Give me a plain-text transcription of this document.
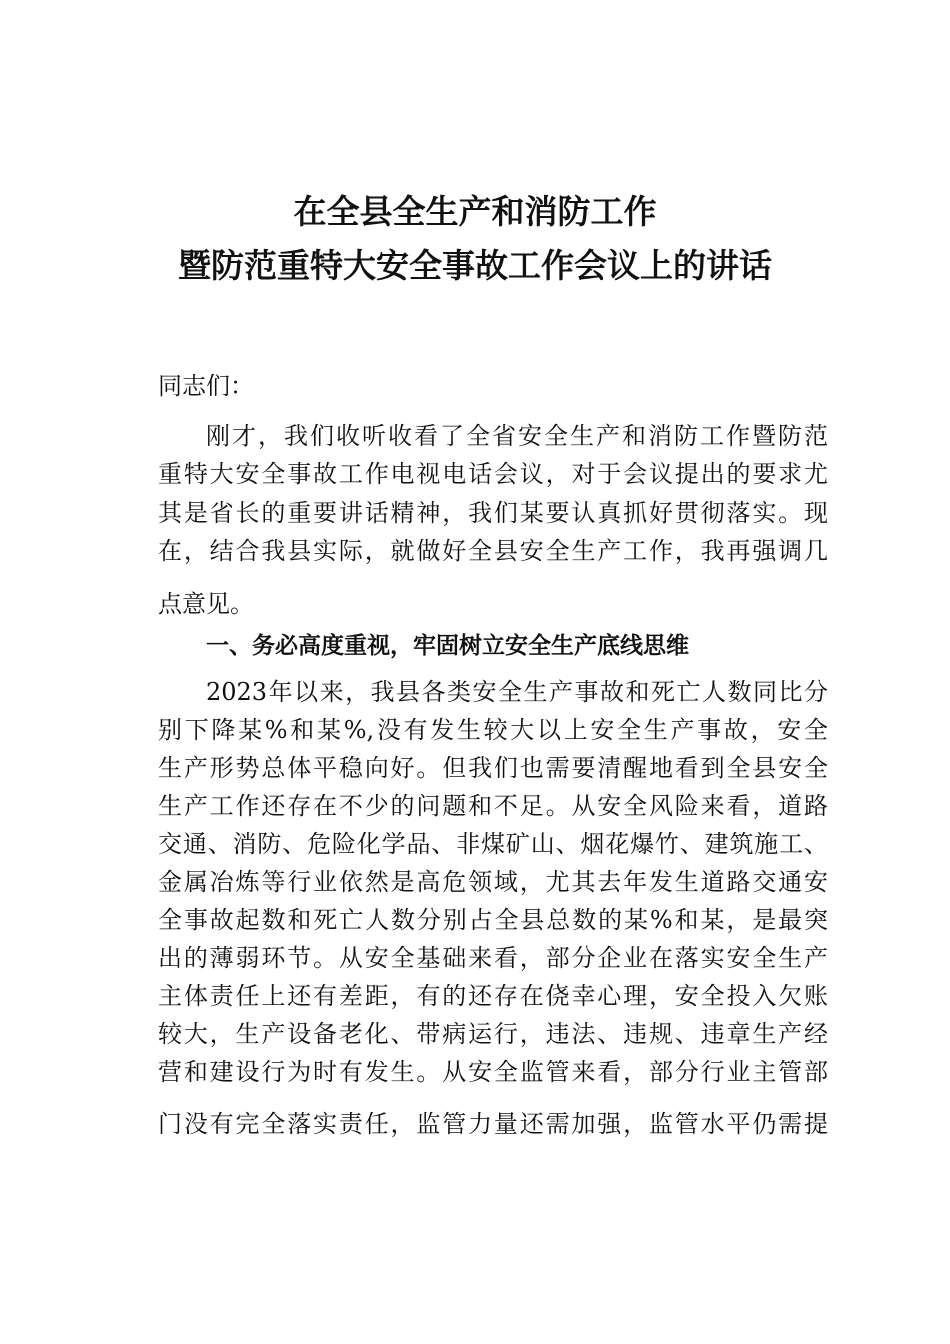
在全县全生产和消防工作
暨防范重特大安全事故工作会议上的讲话
同志们：
刚才，我们收听收看了全省安全生产和消防工作暨防范
重特大安全事故工作电视电话会议，对于会议提出的要求尤
其是省长的重要讲话精神，我们某要认真抓好贯彻落实。现
在，结合我县实际，就做好全县安全生产工作，我再强调几
点意见。
一、务必高度重视，牢固树立安全生产底线思维
2023年以来，我县各类安全生产事故和死亡人数同比分
别下降某%和某%,没有发生较大以上安全生产事故，安全
生产形势总体平稳向好。但我们也需要清醒地看到全县安全
生产工作还存在不少的问题和不足。从安全风险来看，道路
交通、消防、危险化学品、非煤矿山、烟花爆竹、建筑施工、
金属冶炼等行业依然是高危领域，尤其去年发生道路交通安
全事故起数和死亡人数分别占全县总数的某%和某，是最突
出的薄弱环节。从安全基础来看，部分企业在落实安全生产
主体责任上还有差距，有的还存在侥幸心理，安全投入欠账
较大，生产设备老化、带病运行，违法、违规、违章生产经
营和建设行为时有发生。从安全监管来看，部分行业主管部
门没有完全落实责任，监管力量还需加强，监管水平仍需提
